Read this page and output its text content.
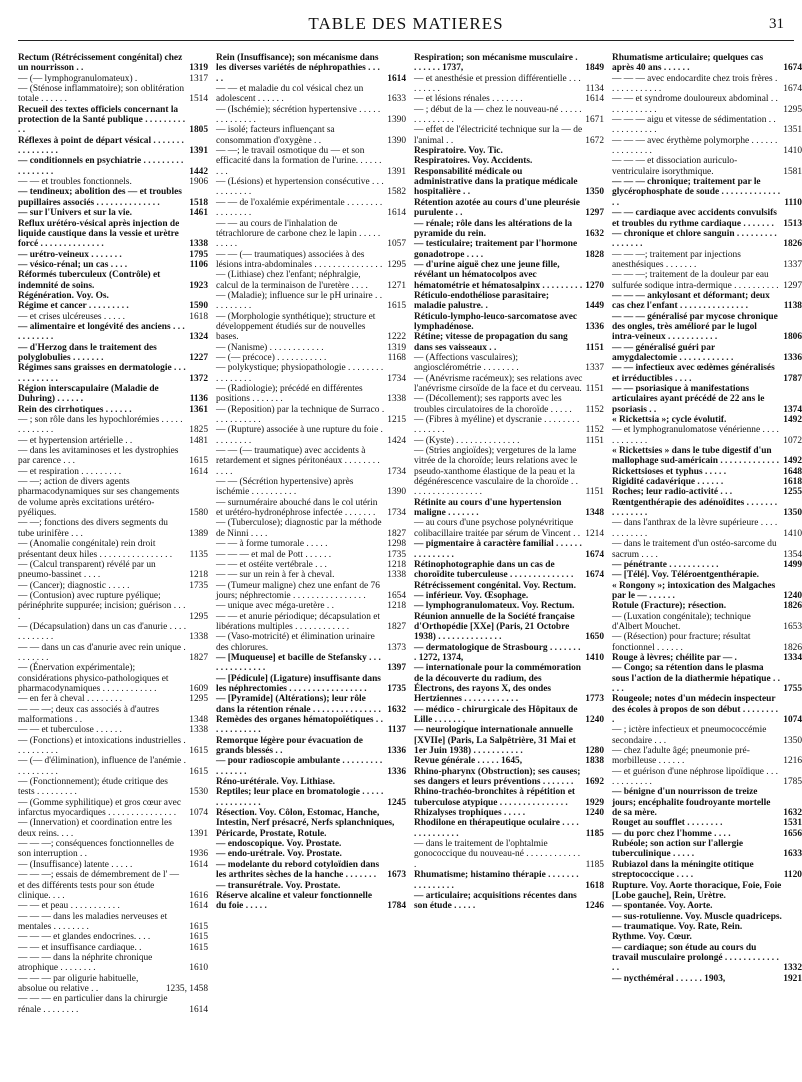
TABLE DES MATIERES	31
Rectum (Rétrécissement congénital) chez un nourrisson . .	1319
— (— lymphogranulomateux) .	1317
— (Sténose inflammatoire); son oblitération totale . . . . . .	1514
Recueil des textes officiels concernant la protection de la Santé publique . . . . . . . . . . .	1805
Réflexes à point de départ vésical . . . . . . . . . . . . . . . .	1391
— conditionnels en psychiatrie . . . . . . . . . . . . . . . . .	1442
— — et troubles fonctionnels.	1906
— tendineux; abolition des — et troubles pupillaires associés . . . . . . . . . . . . . .	1518
— sur l'Univers et sur la vie.	1461
Reflux urétéro-vésical après injection de liquide caustique dans la vessie et urètre forcé . . . . . . . . . . . . . .	1338
— urétro-veineux . . . . . . .	1795
— vésico-rénal; un cas . . . .	1106
Réformés tuberculeux (Contrôle) et indemnité de soins.	1923
Régénération. Voy. Os.
Régime et cancer . . . . . . . . .	1590
— et crises ulcéreuses . . . . .	1618
— alimentaire et longévité des anciens . . . . . . . . . . .	1324
— d'Herzog dans le traitement des polyglobulies . . . . . . .	1227
Régimes sans graisses en dermatologie . . . . . . . . . . . .	1372
Région interscapulaire (Maladie de Duhring) . . . . . .	1136
Rein des cirrhotiques . . . . . .	1361
— ; son rôle dans les hypochlorémies . . . . . . . . . . . . .	1825
— et hypertension artérielle . .	1481
— dans les avitaminoses et les dystrophies par carence . . .	1615
— et respiration . . . . . . . . .	1614
— —; action de divers agents pharmacodynamiques sur ses changements de volume après excitations urétéro-pyéliques.	1580
— —; fonctions des divers segments du tube urinifère . . .	1389
— (Anomalie congénitale) rein droit présentant deux hiles . . . . . . . . . . . . . . . .	1135
— (Calcul transparent) révélé par un pneumo-bassinet . . . .	1218
— (Cancer); diagnostic . . . . .	1735
— (Contusion) avec rupture pyélique; périnéphrite suppurée; incision; guérison . . . .	1295
— (Décapsulation) dans un cas d'anurie . . . . . . . . . . . .	1338
— — dans un cas d'anurie avec rein unique . . . . . . . .	1827
— (Énervation expérimentale); considérations physico-pathologiques et pharmacodynamiques . . . . . . . . . . . .	1609
— en fer à cheval . . . . . . . .	1295
— — —; deux cas associés à d'autres malformations . .	1348
— — et tuberculose . . . . . .	1338
— (Fonctions) et intoxications industrielles . . . . . . . . . .	1615
— (— d'élimination), influence de l'anémie . . . . . . . . . .	1615
— (Fonctionnement); étude critique des tests . . . . . . . . .	1530
— (Gomme syphilitique) et gros cœur avec infarctus myocardiques . . . . . . . . . . . . . . .	1074
— (Innervation) et coordination entre les deux reins. . . .	1391
— — —; conséquences fonctionnelles de son interruption . .	1936
— (Insuffisance) latente . . . . .	1614
— — —; essais de démembrement de l' — et des différents tests pour son étude clinique. . . .	1616
— — et peau . . . . . . . . . . .	1614
— — — dans les maladies nerveuses et mentales . . . . . . . .	1615
— — — et glandes endocrines. . . .	1615
— — et insuffisance cardiaque. .	1615
— — — dans la néphrite chronique atrophique . . . . . . . .	1610
— — — par oligurie habituelle, absolue ou relative . .	1235, 1458
— — — en particulier dans la chirurgie rénale . . . . . . . .	1614
Rein (Insuffisance); son mécanisme dans les diverses variétés de néphropathies . . . . .	1614
— — et maladie du col vésical chez un adolescent . . . . . .	1633
— (Ischémie); sécrétion hypertensive . . . . . . . . . . . . . .	1390
— isolé; facteurs influençant sa consommation d'oxygène . .	1390
— —; le travail osmotique du — et son efficacité dans la formation de l'urine. . . . . . . . .	1391
— (Lésions) et hypertension consécutive . . . . . . . . . . .	1582
— — de l'oxalémie expérimentale . . . . . . . . . . . . . . . .	1614
— — au cours de l'inhalation de tétrachlorure de carbone chez le lapin . . . . . . . . . .	1057
— — (— traumatiques) associées à des lésions intra-abdominales . . . . . . . . . . . . . . . 1295
— (Lithiase) chez l'enfant; néphralgie, calcul de la terminaison de l'uretère . . . .	1271
— (Maladie); influence sur le pH urinaire . . . . . . . . . .	1615
— (Morphologie synthétique); structure et développement étudiés sur de nouvelles bases.	1222
— (Nanisme) . . . . . . . . . . . .	1319
— (— précoce) . . . . . . . . . . .	1168
— polykystique; physiopathologie . . . . . . . . . . . . . . . .	1734
— (Radiologie); précédé en différentes positions . . . . . . .	1338
— (Reposition) par la technique de Surraco . . . . . . . . . . .	1215
— (Rupture) associée à une rupture du foie . . . . . . . . .	1424
— — (— traumatique) avec accidents à retardement et signes péritonéaux . . . . . . . . . . . .	1734
— — (Sécrétion hypertensive) après ischémie . . . . . . . . . .	1390
— surnuméraire abouché dans le col utérin et urétéro-hydronéphrose infectée . . . . . . .	1734
— (Tuberculose); diagnostic par la méthode de Ninni . . . .	1827
— — à forme tumorale . . . . .	1298
— — — et mal de Pott . . . . . .	1735
— — et ostéite vertébrale . . .	1218
— — sur un rein à fer à cheval.	1338
— (Tumeur maligne) chez une enfant de 76 jours; néphrectomie . . . . . . . . . . . . . . . .	1654
— unique avec méga-uretère . .	1218
— — et anurie périodique; décapsulation et libérations multiples . . . . . . . . . . . .	1827
— (Vaso-motricité) et élimination urinaire des chlorures.	1373
— [Muqueuse] et bacille de Stefansky . . . . . . . . . . . . . .	1397
— [Pédicule] (Ligature) insuffisante dans les néphrectomies . . . . . . . . . . . . . . . . .	1735
— [Pyramide] (Altérations); leur rôle dans la rétention rénale . . . . . . . . . . . . . . . 1632
Remèdes des organes hématopoïétiques . . . . . . . . . . . .	1137
Remorque légère pour évacuation de grands blessés . .	1336
— pour radioscopie ambulante . . . . . . . . . . . . . . . .	1336
Réno-urétérale. Voy. Lithiase.
Reptiles; leur place en bromatologie . . . . . . . . . . . . . . .	1245
Résection. Voy. Côlon, Estomac, Hanche, Intestin, Nerf présacré, Nerfs splanchniques, Péricarde, Prostate, Rotule.
— endoscopique. Voy. Prostate.
— endo-urétrale. Voy. Prostate.
— modelante du rebord cotyloïdien dans les arthrites sèches de la hanche . . . . . . .	1673
— transurétrale. Voy. Prostate.
Réserve alcaline et valeur fonctionnelle du foie . . . . .	1784
Respiration; son mécanisme musculaire . . . . . . . 1737,	1849
— et anesthésie et pression différentielle . . . . . . . . .	1134
— et lésions rénales . . . . . . .	1614
— ; début de la — chez le nouveau-né . . . . . . . . . . . . . .	1671
— effet de l'électricité technique sur la — de l'animal . .	1672
Respiratoire. Voy. Tic.
Respiratoires. Voy. Accidents.
Responsabilité médicale ou administrative dans la pratique médicale hospitalière . .	1350
Rétention azotée au cours d'une pleurésie purulente . .	1297
— rénale; rôle dans les altérations de la pyramide du rein.	1632
— testiculaire; traitement par l'hormone gonadotrope . . . .	1828
— d'urine aiguë chez une jeune fille, révélant un hématocolpos avec hématométrie et hématosalpinx . . . . . . . . . 1270
Réticulo-endothéliose parasitaire; maladie palustre. .	1449
Réticulo-lympho-leuco-sarcomatose avec lymphadénose.	1336
Rétine; vitesse de propagation du sang dans ses vaisseaux . .	1151
— (Affections vasculaires); angiosclérométrie . . . . . . . .	1337
— (Anévrisme racémeux); ses relations avec l'anévrisme cirsoïde de la face et du cerveau. 1151
— (Décollement); ses rapports avec les troubles circulatoires de la choroïde . . . . .	1152
— (Fibres à myéline) et dyscranie . . . . . . . . . . . . . . .	1152
— (Kyste) . . . . . . . . . . . . . .	1151
— (Stries angioïdes); vergetures de la lame vitrée de la choroïde; leurs relations avec le pseudo-xanthome élastique de la peau et la dégénérescence vasculaire de la choroïde . . . . . . . . . . . . . . . . .	1151
Rétinite au cours d'une hypertension maligne . . . . . . .	1348
— au cours d'une psychose polynévritique colibacillaire traitée par sérum de Vincent . . 1214
— pigmentaire à caractère familial . . . . . . . . . . . . . . .	1674
Rétinophotographie dans un cas de choroïdite tuberculeuse . . . . . . . . . . . . . .	1674
Rétrécissement congénital. Voy. Rectum.
— inférieur. Voy. Œsophage.
— lymphogranulomateux. Voy. Rectum.
Réunion annuelle de la Société française d'Orthopédie [XXe] (Paris, 21 Octobre 1938) . . . . . . . . . . . . . .	1650
— dermatologique de Strasbourg . . . . . . . . 1272, 1374,	1410
— internationale pour la commémoration de la découverte du radium, des Électrons, des rayons X, des ondes Hertziennes . . . . . . . . . . . .	1773
— médico - chirurgicale des Hôpitaux de Lille . . . . . . .	1240
— neurologique internationale annuelle [XVIIe] (Paris, La Salpêtrière, 31 Mai et 1er Juin 1938) . . . . . . . . . . .	1280
Revue générale . . . . . 1645,	1838
Rhino-pharynx (Obstruction); ses causes; ses dangers et leurs préventions . . . . . . .	1692
Rhino-trachéo-bronchites à répétition et tuberculose atypique . . . . . . . . . . . . . . .	1929
Rhizalyses trophiques . . . . .	1240
Rhodilone en thérapeutique oculaire . . . . . . . . . . . . . .	1185
— dans le traitement de l'ophtalmie gonococcique du nouveau-né . . . . . . . . . . . . .	1185
Rhumatisme; histamino thérapie . . . . . . . . . . . . . . . .	1618
— articulaire; acquisitions récentes dans son étude . . . . .	1246
Rhumatisme articulaire; quelques cas après 40 ans . . . . . .	1674
— — — avec endocardite chez trois frères . . . . . . . . . . . .	1674
— — et syndrome douloureux abdominal . . . . . . . . . . . .	1295
— — — aigu et vitesse de sédimentation . . . . . . . . . . . .	1351
— — — avec érythème polymorphe . . . . . . . . . . . . . . .	1410
— — — et dissociation auriculo-ventriculaire isorythmique.	1581
— — — chronique; traitement par le glycérophosphate de soude . . . . . . . . . . . . . . .	1110
— — cardiaque avec accidents convulsifs et troubles du rythme cardiaque . . . . . . .	1513
— chronique et chlore sanguin . . . . . . . . . . . . . . . .	1826
— — —; traitement par injections anesthésiques . . . . . . .	1337
— — —; traitement de la douleur par eau sulfurée sodique intra-dermique . . . . . . . . . . 1297
— — — ankylosant et déformant; deux cas chez l'enfant . . . . . . . . . . . . . . .	1138
— — — généralisé par mycose chronique des ongles, très amélioré par le lugol intra-veineux . . . . . . . . . . .	1806
— — généralisé guéri par amygdalectomie . . . . . . . . . . . .	1336
— — infectieux avec œdèmes généralisés et irréductibles . . . .	1787
— — psoriasique à manifestations articulaires ayant précédé de 22 ans le psoriasis . .	1374
« Rickettsia »; cycle évolutif.	1492
— et lymphogranulomatose vénérienne . . . . . . . . . . . .	1072
« Rickettsies » dans le tube digestif d'un mallophage sud-américain . . . . . . . . . . . . . 1492
Rickettsioses et typhus . . . . .	1648
Rigidité cadavérique . . . . . .	1618
Roches; leur radio-activité . . .	1255
Rœntgenthérapie des adénoïdites . . . . . . . . . . . . . . .	1350
— dans l'anthrax de la lèvre supérieure . . . . . . . . . . . .	1410
— dans le traitement d'un ostéo-sarcome du sacrum . . . .	1354
— pénétrante . . . . . . . . . . .	1499
— [Télé]. Voy. Téléroentgenthérapie.
« Rongony »; intoxication des Malgaches par le — . . . . . .	1240
Rotule (Fracture); résection.	1826
— (Luxation congénitale); technique d'Albert Mouchet.	1653
— (Résection) pour fracture; résultat fonctionnel . . . . . .	1826
Rouge à lèvres; chéilite par — .	1334
— Congo; sa rétention dans le plasma sous l'action de la diathermie hépatique . . . . .	1755
Rougeole; notes d'un médecin inspecteur des écoles à propos de son début . . . . . . . . .	1074
— ; ictère infectieux et pneumococcémie secondaire . . .	1350
— chez l'adulte âgé; pneumonie pré-morbilleuse . . . . . .	1216
— et guérison d'une néphrose lipoïdique . . . . . . . . . . . .	1785
— bénigne d'un nourrisson de treize jours; encéphalite foudroyante mortelle de sa mère.	1632
Rouget au soufflet . . . . . . . .	1531
— du porc chez l'homme . . . .	1656
Rubéole; son action sur l'allergie tuberculinique . . . . .	1633
Rubiazol dans la méningite otitique streptococcique . . . .	1120
Rupture. Voy. Aorte thoracique, Foie, Foie [Lobe gauche], Rein, Urètre.
— spontanée. Voy. Aorte.
— sus-rotulienne. Voy. Muscle quadriceps.
— traumatique. Voy. Rate, Rein.
Rythme. Voy. Cœur.
— cardiaque; son étude au cours du travail musculaire prolongé . . . . . . . . . . . . . .	1332
— nycthéméral . . . . . . 1903,	1921
